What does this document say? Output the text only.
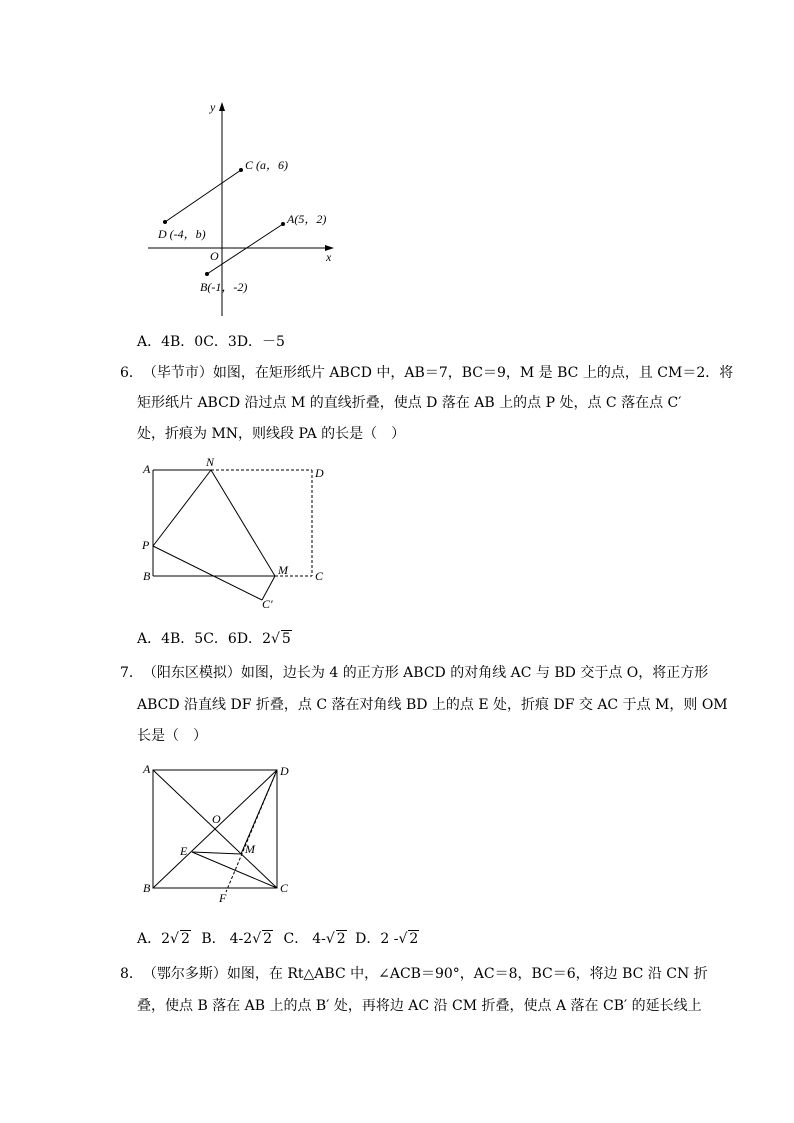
y
x
O
C (a，6)
D (-4，b)
A(5，2)
B(-1，-2)
A．4B．0C．3D．－5
6．（毕节市）如图，在矩形纸片 ABCD 中，AB＝7，BC＝9，M 是 BC 上的点，且 CM＝2．将
矩形纸片 ABCD 沿过点 M 的直线折叠，使点 D 落在 AB 上的点 P 处，点 C 落在点 C′
处，折痕为 MN，则线段 PA 的长是（　）
A	N
D
P
B	M C
C′
A．4B．5C．6D．2√ 5
7．（阳东区模拟）如图，边长为 4 的正方形 ABCD 的对角线 AC 与 BD 交于点 O，将正方形
ABCD 沿直线 DF 折叠，点 C 落在对角线 BD 上的点 E 处，折痕 DF 交 AC 于点 M，则 OM
长是（　）
A	D
O
E	M
B	C
F
A．2√ 2 B． 4-2√ 2 C． 4-√ 2 D．2 -√ 2
8．（鄂尔多斯）如图，在 Rt△ABC 中，∠ACB＝90°，AC＝8，BC＝6，将边 BC 沿 CN 折
叠，使点 B 落在 AB 上的点 B′ 处，再将边 AC 沿 CM 折叠，使点 A 落在 CB′ 的延长线上
